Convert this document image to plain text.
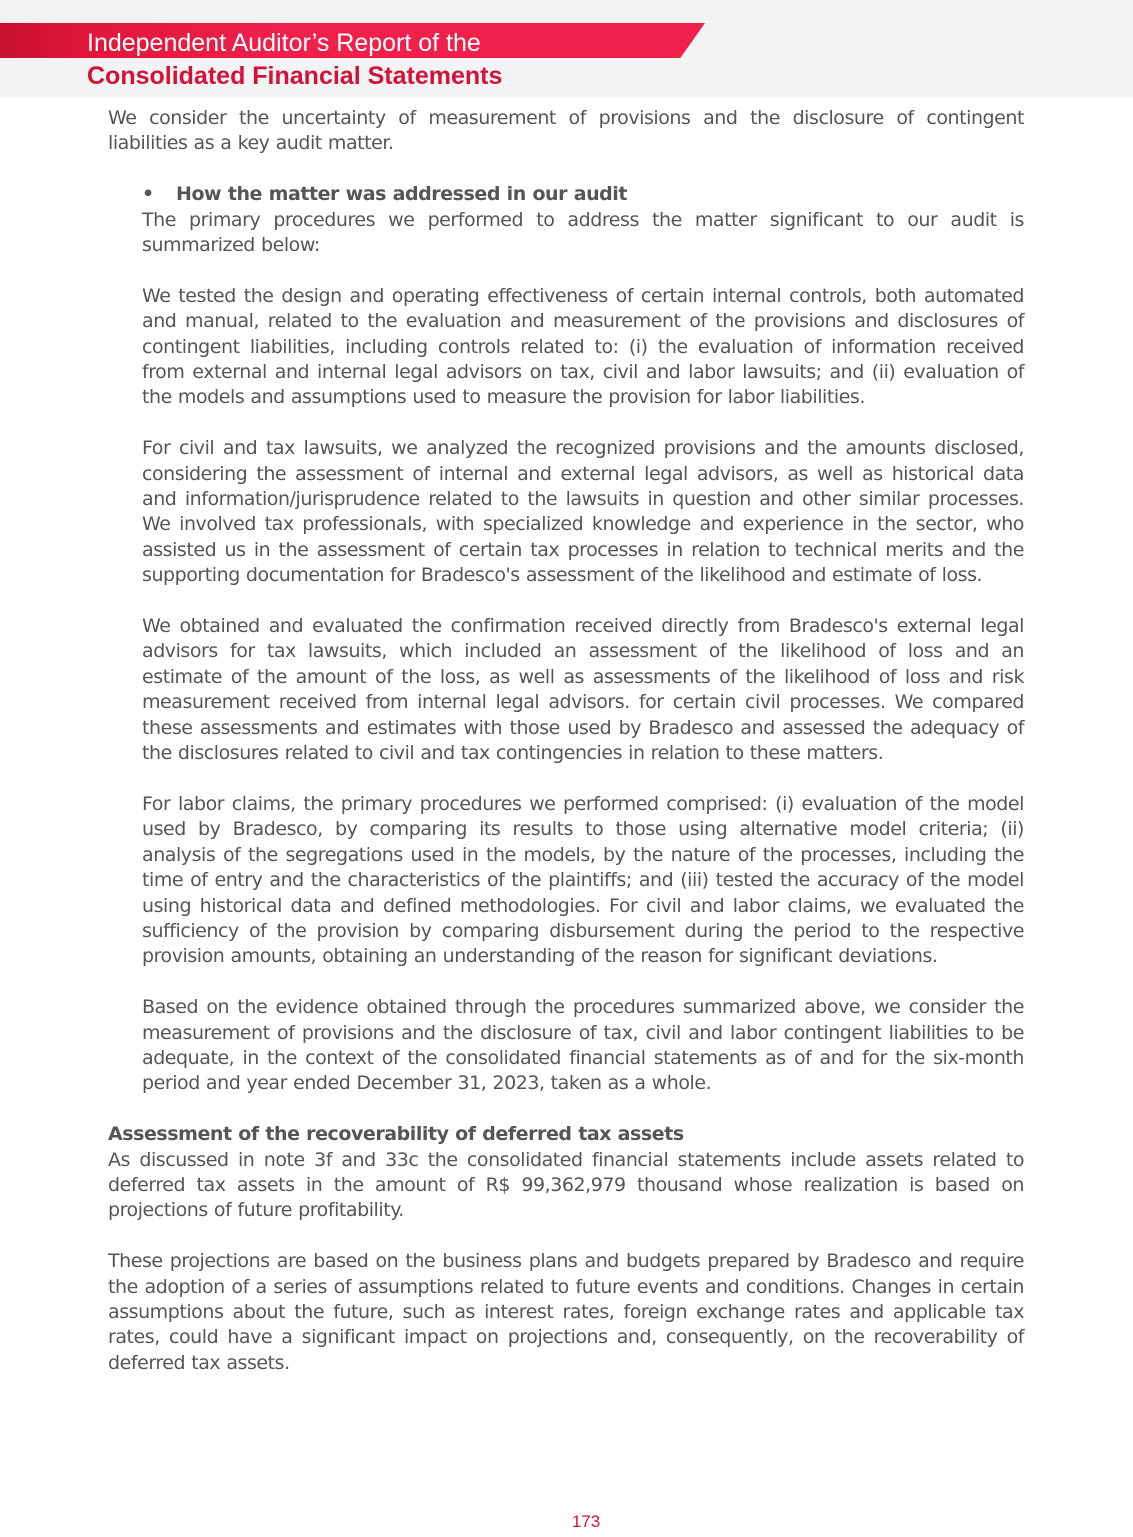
Independent Auditor’s Report of the
Consolidated Financial Statements

We consider the uncertainty of measurement of provisions and the disclosure of contingent liabilities as a key audit matter.

• How the matter was addressed in our audit

The primary procedures we performed to address the matter significant to our audit is summarized below:

We tested the design and operating effectiveness of certain internal controls, both automated and manual, related to the evaluation and measurement of the provisions and disclosures of contingent liabilities, including controls related to: (i) the evaluation of information received from external and internal legal advisors on tax, civil and labor lawsuits; and (ii) evaluation of the models and assumptions used to measure the provision for labor liabilities.

For civil and tax lawsuits, we analyzed the recognized provisions and the amounts disclosed, considering the assessment of internal and external legal advisors, as well as historical data and information/jurisprudence related to the lawsuits in question and other similar processes. We involved tax professionals, with specialized knowledge and experience in the sector, who assisted us in the assessment of certain tax processes in relation to technical merits and the supporting documentation for Bradesco's assessment of the likelihood and estimate of loss.

We obtained and evaluated the confirmation received directly from Bradesco's external legal advisors for tax lawsuits, which included an assessment of the likelihood of loss and an estimate of the amount of the loss, as well as assessments of the likelihood of loss and risk measurement received from internal legal advisors. for certain civil processes. We compared these assessments and estimates with those used by Bradesco and assessed the adequacy of the disclosures related to civil and tax contingencies in relation to these matters.

For labor claims, the primary procedures we performed comprised: (i) evaluation of the model used by Bradesco, by comparing its results to those using alternative model criteria; (ii) analysis of the segregations used in the models, by the nature of the processes, including the time of entry and the characteristics of the plaintiffs; and (iii) tested the accuracy of the model using historical data and defined methodologies. For civil and labor claims, we evaluated the sufficiency of the provision by comparing disbursement during the period to the respective provision amounts, obtaining an understanding of the reason for significant deviations.

Based on the evidence obtained through the procedures summarized above, we consider the measurement of provisions and the disclosure of tax, civil and labor contingent liabilities to be adequate, in the context of the consolidated financial statements as of and for the six-month period and year ended December 31, 2023, taken as a whole.

Assessment of the recoverability of deferred tax assets

As discussed in note 3f and 33c the consolidated financial statements include assets related to deferred tax assets in the amount of R$ 99,362,979 thousand whose realization is based on projections of future profitability.

These projections are based on the business plans and budgets prepared by Bradesco and require the adoption of a series of assumptions related to future events and conditions. Changes in certain assumptions about the future, such as interest rates, foreign exchange rates and applicable tax rates, could have a significant impact on projections and, consequently, on the recoverability of deferred tax assets.

173
